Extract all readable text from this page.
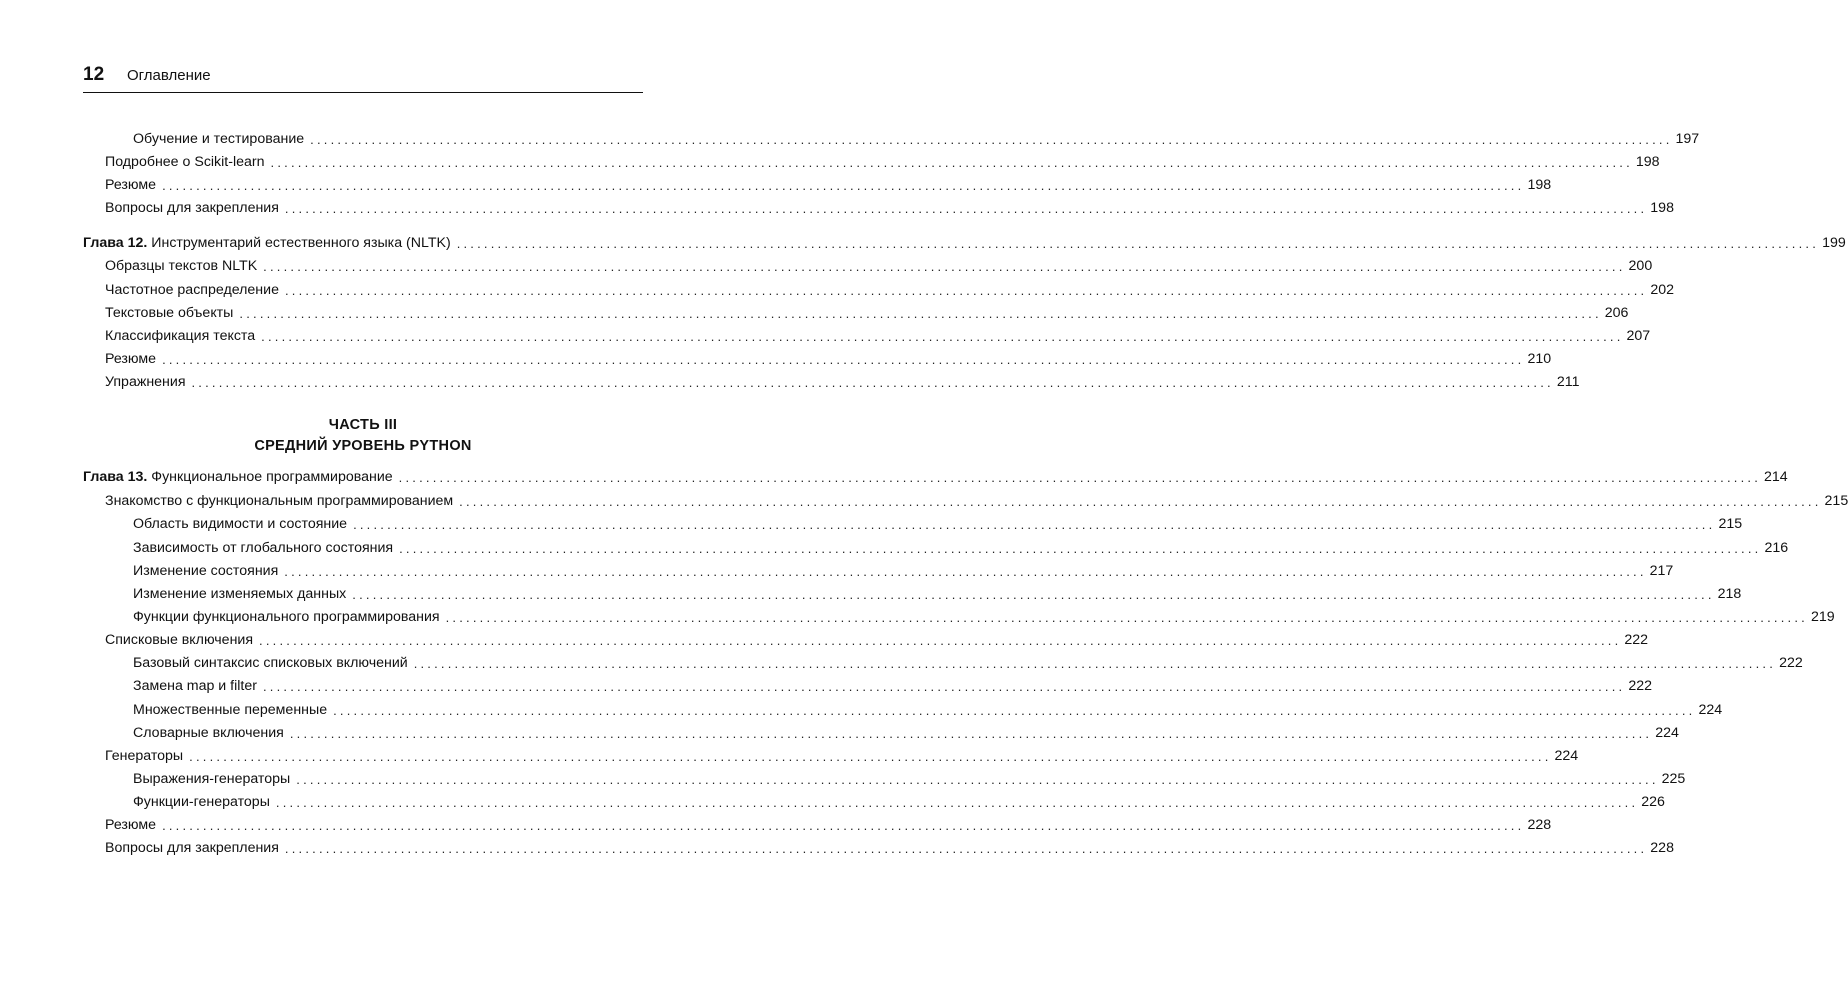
12	Оглавление
Обучение и тестирование ........................................................................................................................................................................................................ 197
Подробнее о Scikit-learn ........................................................................................................................................................................................................ 198
Резюме ........................................................................................................................................................................................................ 198
Вопросы для закрепления ........................................................................................................................................................................................................ 198
Глава 12. Инструментарий естественного языка (NLTK) ........................................................................................................................................................................................................ 199
Образцы текстов NLTK ........................................................................................................................................................................................................ 200
Частотное распределение ........................................................................................................................................................................................................ 202
Текстовые объекты ........................................................................................................................................................................................................ 206
Классификация текста ........................................................................................................................................................................................................ 207
Резюме ........................................................................................................................................................................................................ 210
Упражнения ........................................................................................................................................................................................................ 211
ЧАСТЬ III
СРЕДНИЙ УРОВЕНЬ PYTHON
Глава 13. Функциональное программирование ........................................................................................................................................................................................................ 214
Знакомство с функциональным программированием ........................................................................................................................................................................................................ 215
Область видимости и состояние ........................................................................................................................................................................................................ 215
Зависимость от глобального состояния ........................................................................................................................................................................................................ 216
Изменение состояния ........................................................................................................................................................................................................ 217
Изменение изменяемых данных ........................................................................................................................................................................................................ 218
Функции функционального программирования ........................................................................................................................................................................................................ 219
Списковые включения ........................................................................................................................................................................................................ 222
Базовый синтаксис списковых включений ........................................................................................................................................................................................................ 222
Замена map и filter ........................................................................................................................................................................................................ 222
Множественные переменные ........................................................................................................................................................................................................ 224
Словарные включения ........................................................................................................................................................................................................ 224
Генераторы ........................................................................................................................................................................................................ 224
Выражения-генераторы ........................................................................................................................................................................................................ 225
Функции-генераторы ........................................................................................................................................................................................................ 226
Резюме ........................................................................................................................................................................................................ 228
Вопросы для закрепления ........................................................................................................................................................................................................ 228
